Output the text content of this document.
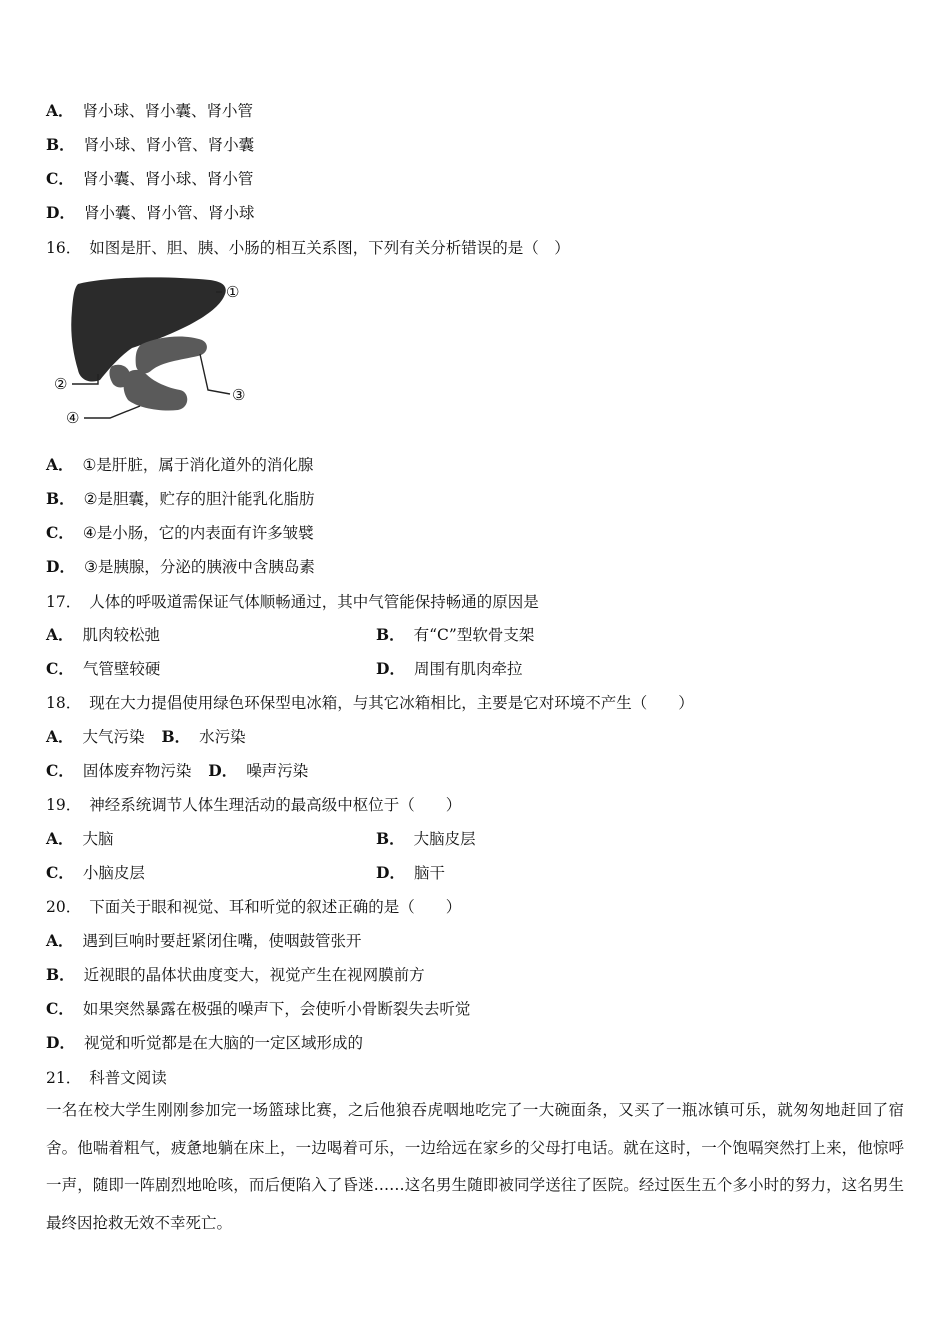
A． 肾小球、肾小囊、肾小管
B． 肾小球、肾小管、肾小囊
C． 肾小囊、肾小球、肾小管
D． 肾小囊、肾小管、肾小球
16． 如图是肝、胆、胰、小肠的相互关系图，下列有关分析错误的是（　）
①
②
③
④
A． ①是肝脏，属于消化道外的消化腺
B． ②是胆囊，贮存的胆汁能乳化脂肪
C． ④是小肠，它的内表面有许多皱襞
D． ③是胰腺，分泌的胰液中含胰岛素
17． 人体的呼吸道需保证气体顺畅通过，其中气管能保持畅通的原因是
A． 肌肉较松弛	B． 有“C”型软骨支架
C． 气管壁较硬	D． 周围有肌肉牵拉
18． 现在大力提倡使用绿色环保型电冰箱，与其它冰箱相比，主要是它对环境不产生（　　）
A． 大气污染 B． 水污染
C． 固体废弃物污染 D． 噪声污染
19． 神经系统调节人体生理活动的最高级中枢位于（　　）
A． 大脑	B． 大脑皮层
C． 小脑皮层	D． 脑干
20． 下面关于眼和视觉、耳和听觉的叙述正确的是（　　）
A． 遇到巨响时要赶紧闭住嘴，使咽鼓管张开
B． 近视眼的晶体状曲度变大，视觉产生在视网膜前方
C． 如果突然暴露在极强的噪声下，会使听小骨断裂失去听觉
D． 视觉和听觉都是在大脑的一定区域形成的
21． 科普文阅读
一名在校大学生刚刚参加完一场篮球比赛，之后他狼吞虎咽地吃完了一大碗面条，又买了一瓶冰镇可乐，就匆匆地赶回了宿舍。他喘着粗气，疲惫地躺在床上，一边喝着可乐，一边给远在家乡的父母打电话。就在这时，一个饱嗝突然打上来，他惊呼一声，随即一阵剧烈地呛咳，而后便陷入了昏迷……这名男生随即被同学送往了医院。经过医生五个多小时的努力，这名男生最终因抢救无效不幸死亡。
